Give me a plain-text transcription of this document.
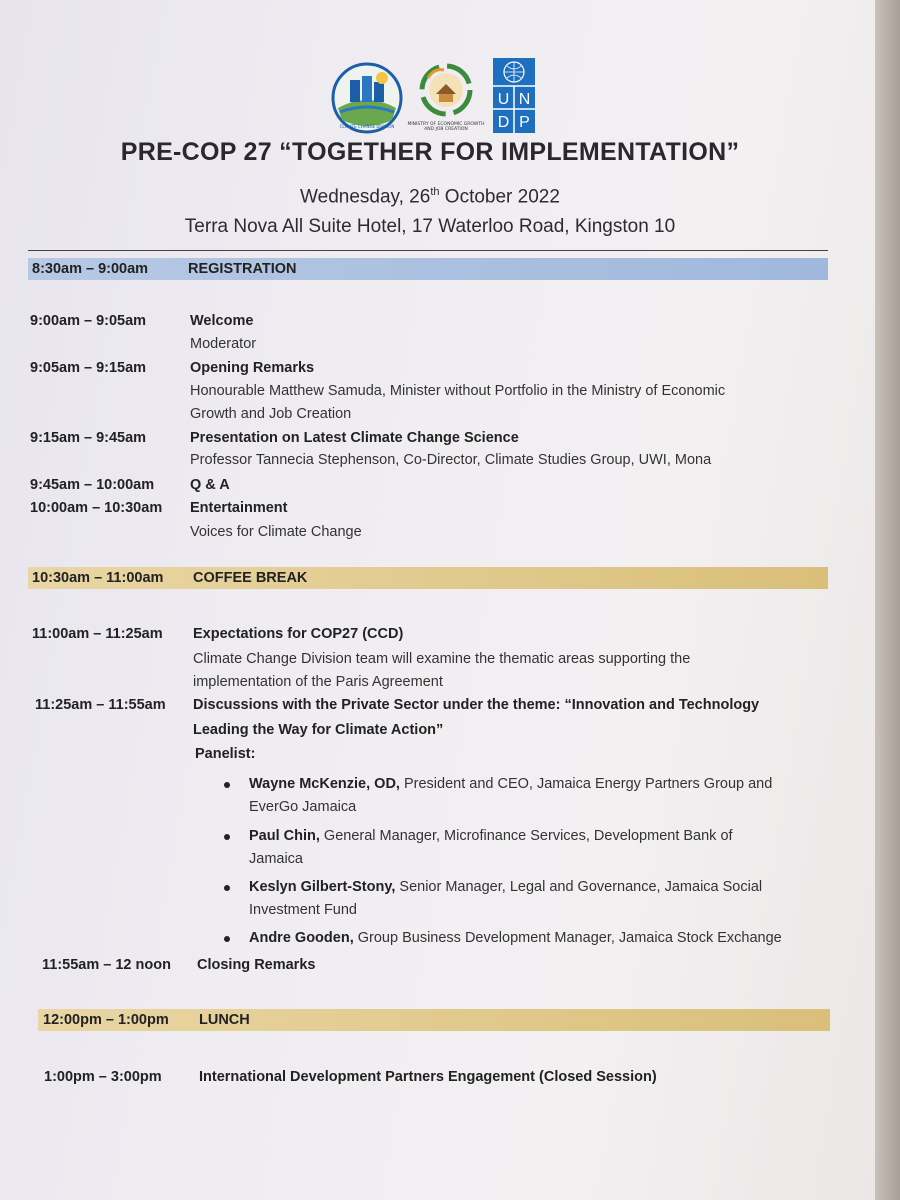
CLIMATE CHANGE DIVISION	MINISTRY OF ECONOMIC GROWTH AND JOB CREATION
U N
D P
PRE-COP 27 “TOGETHER FOR IMPLEMENTATION”
Wednesday, 26th October 2022
Terra Nova All Suite Hotel, 17 Waterloo Road, Kingston 10
8:30am – 9:00am	REGISTRATION
9:00am – 9:05am	Welcome
Moderator
9:05am – 9:15am	Opening Remarks
Honourable Matthew Samuda, Minister without Portfolio in the Ministry of Economic
Growth and Job Creation
9:15am – 9:45am	Presentation on Latest Climate Change Science
Professor Tannecia Stephenson, Co-Director, Climate Studies Group, UWI, Mona
9:45am – 10:00am Q & A
10:00am – 10:30am Entertainment
Voices for Climate Change
10:30am – 11:00am COFFEE BREAK
11:00am – 11:25am Expectations for COP27 (CCD)
Climate Change Division team will examine the thematic areas supporting the
implementation of the Paris Agreement
11:25am – 11:55am Discussions with the Private Sector under the theme: “Innovation and Technology
Leading the Way for Climate Action”
Panelist:
Wayne McKenzie, OD, President and CEO, Jamaica Energy Partners Group and
EverGo Jamaica
Paul Chin, General Manager, Microfinance Services, Development Bank of
Jamaica
Keslyn Gilbert-Stony, Senior Manager, Legal and Governance, Jamaica Social
Investment Fund
Andre Gooden, Group Business Development Manager, Jamaica Stock Exchange
11:55am – 12 noon Closing Remarks
12:00pm – 1:00pm LUNCH
1:00pm – 3:00pm	International Development Partners Engagement (Closed Session)
